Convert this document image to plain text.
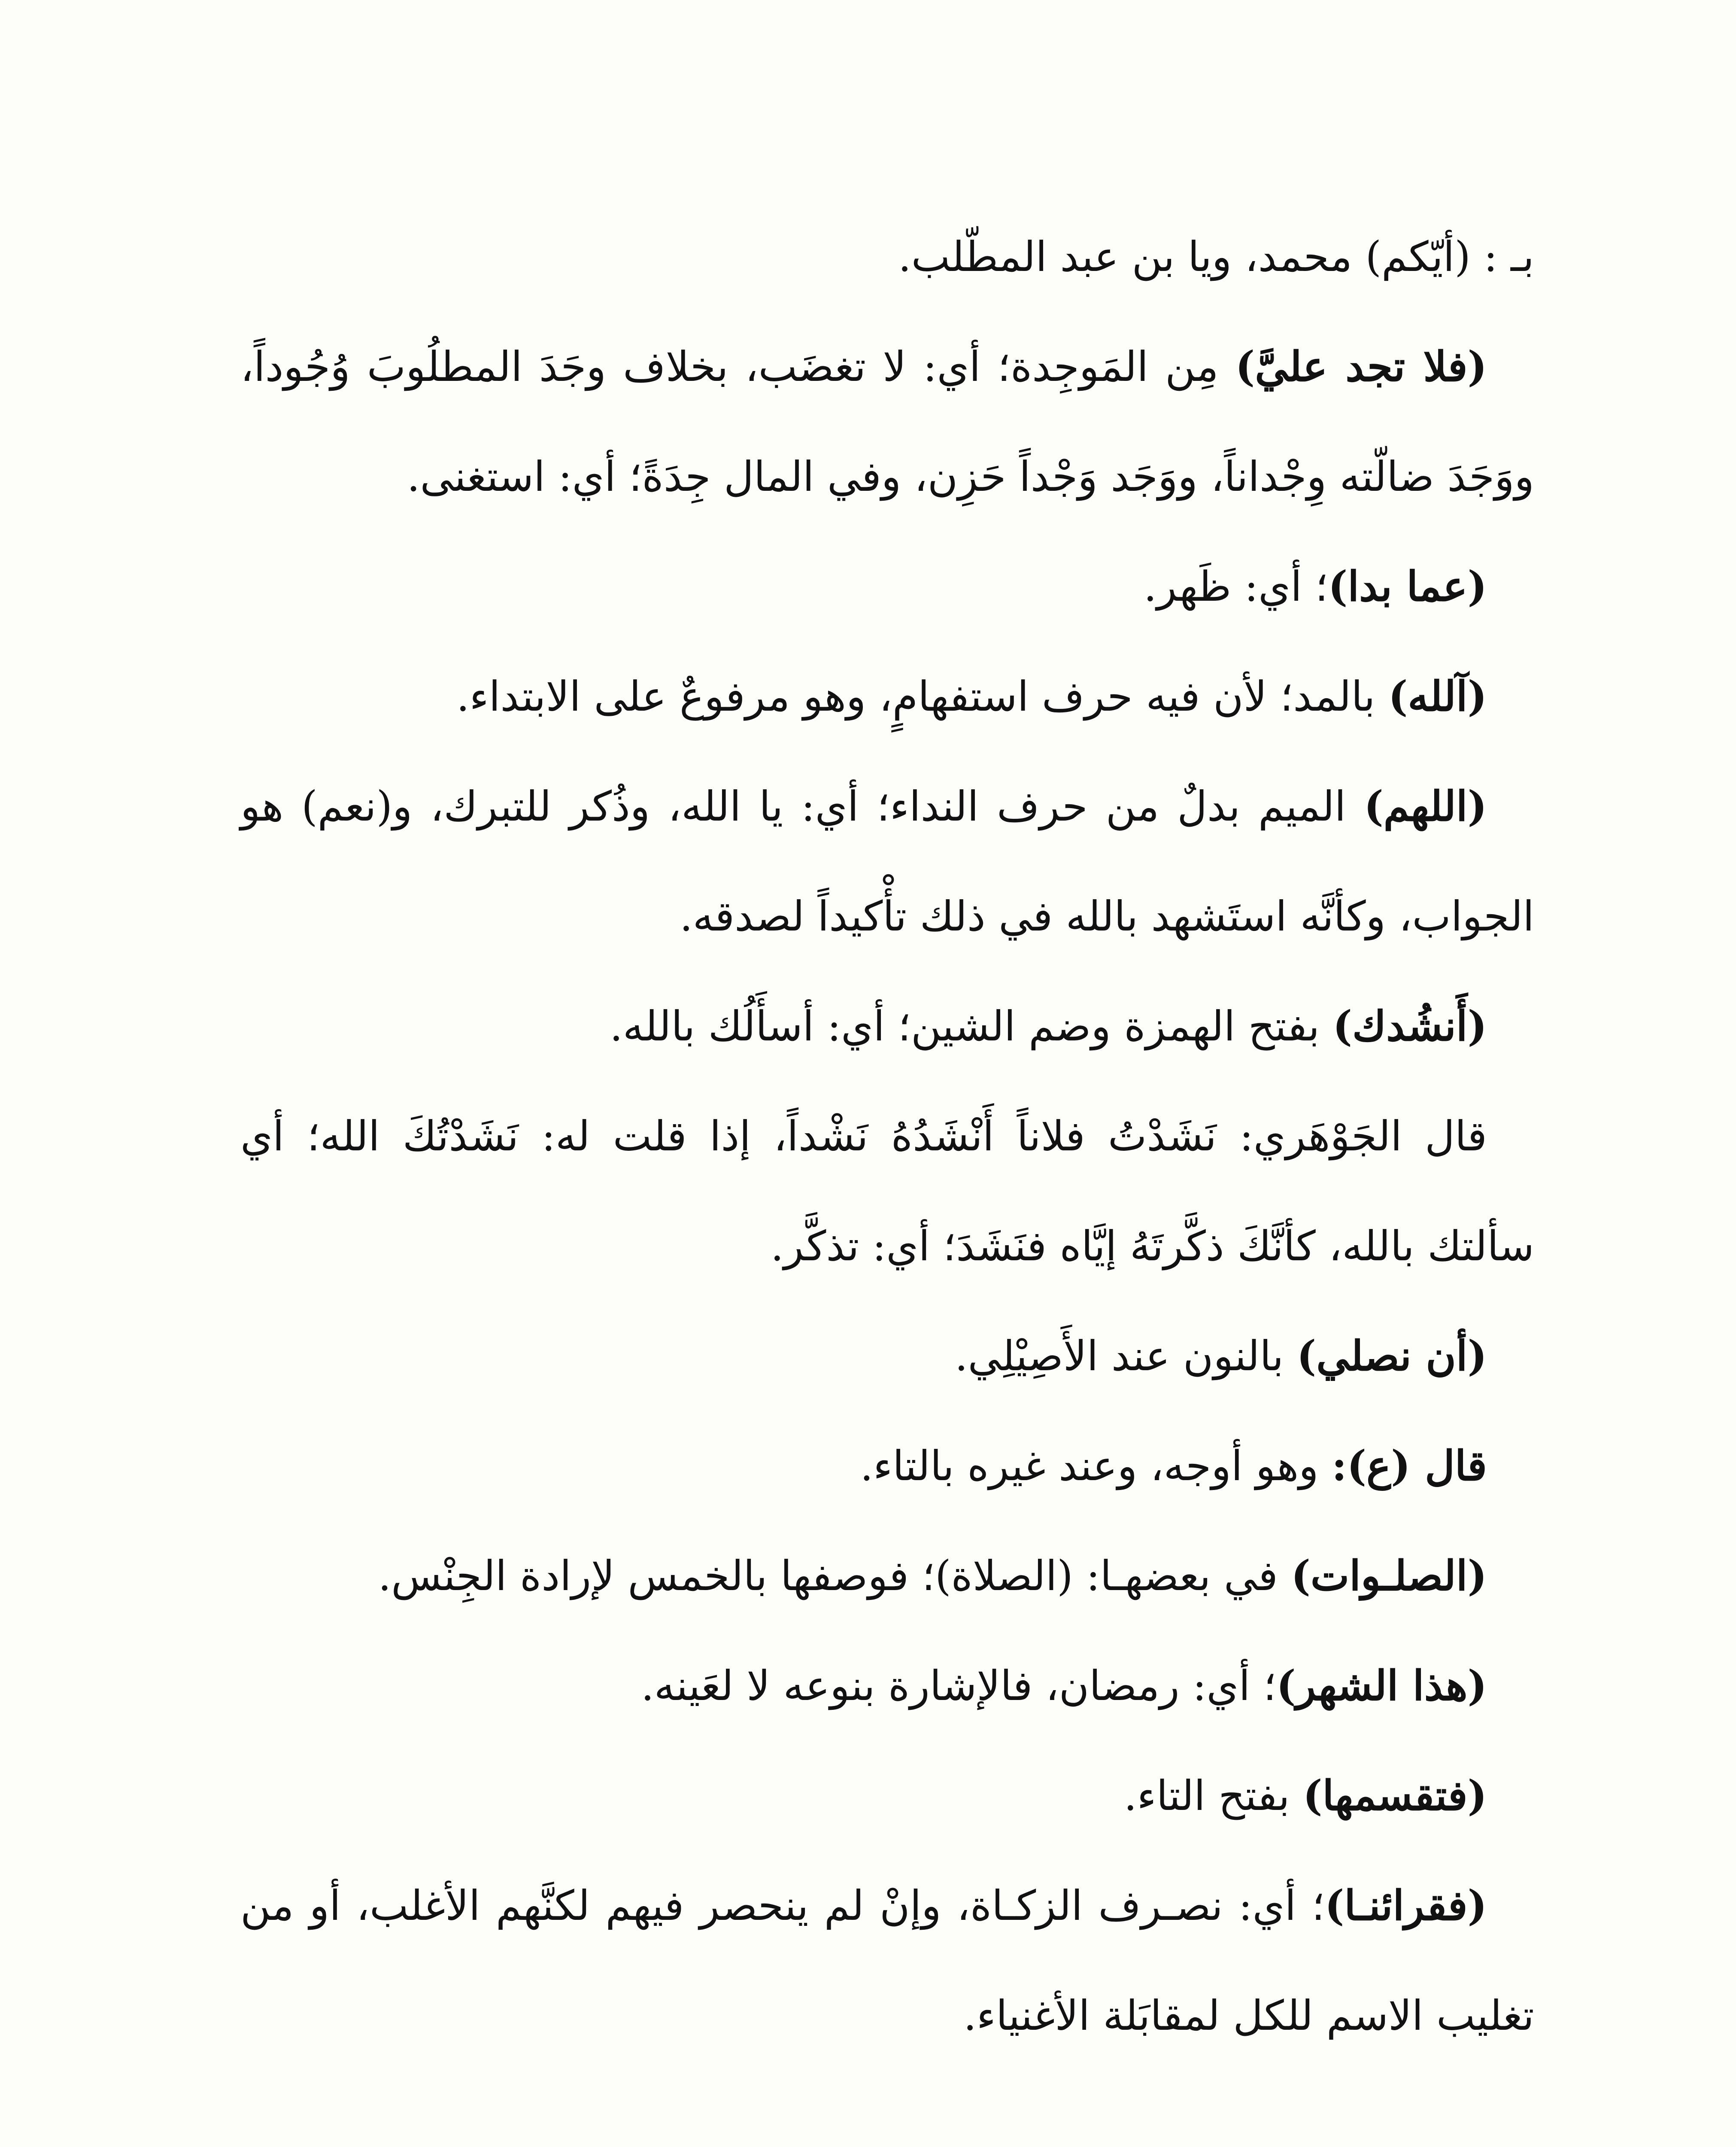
بـ : (أيّكم) محمد، ويا بن عبد المطّلب.

(فلا تجد عليَّ) مِن المَوجِدة؛ أي: لا تغضَب، بخلاف وجَدَ المطلُوبَ وُجُوداً، ووَجَدَ ضالّته وِجْداناً، ووَجَد وَجْداً حَزِن، وفي المال جِدَةً؛ أي: استغنى.

(عما بدا)؛ أي: ظَهر.

(آلله) بالمد؛ لأن فيه حرف استفهامٍ، وهو مرفوعٌ على الابتداء.

(اللهم) الميم بدلٌ من حرف النداء؛ أي: يا الله، وذُكر للتبرك، و(نعم) هو الجواب، وكأنَّه استَشهد بالله في ذلك تأْكيداً لصدقه.

(أَنشُدك) بفتح الهمزة وضم الشين؛ أي: أسأَلُك بالله.

قال الجَوْهَري: نَشَدْتُ فلاناً أَنْشَدُهُ نَشْداً، إذا قلت له: نَشَدْتُكَ الله؛ أي سألتك بالله، كأنَّكَ ذكَّرتَهُ إيَّاه فنَشَدَ؛ أي: تذكَّر.

(أن نصلي) بالنون عند الأَصِيْلِي.

قال (ع): وهو أوجه، وعند غيره بالتاء.

(الصلـوات) في بعضهـا: (الصلاة)؛ فوصفها بالخمس لإرادة الجِنْس.

(هذا الشهر)؛ أي: رمضان، فالإشارة بنوعه لا لعَينه.

(فتقسمها) بفتح التاء.

(فقرائنـا)؛ أي: نصـرف الزكـاة، وإنْ لم ينحصر فيهم لكنَّهم الأغلب، أو من تغليب الاسم للكل لمقابَلة الأغنياء.
